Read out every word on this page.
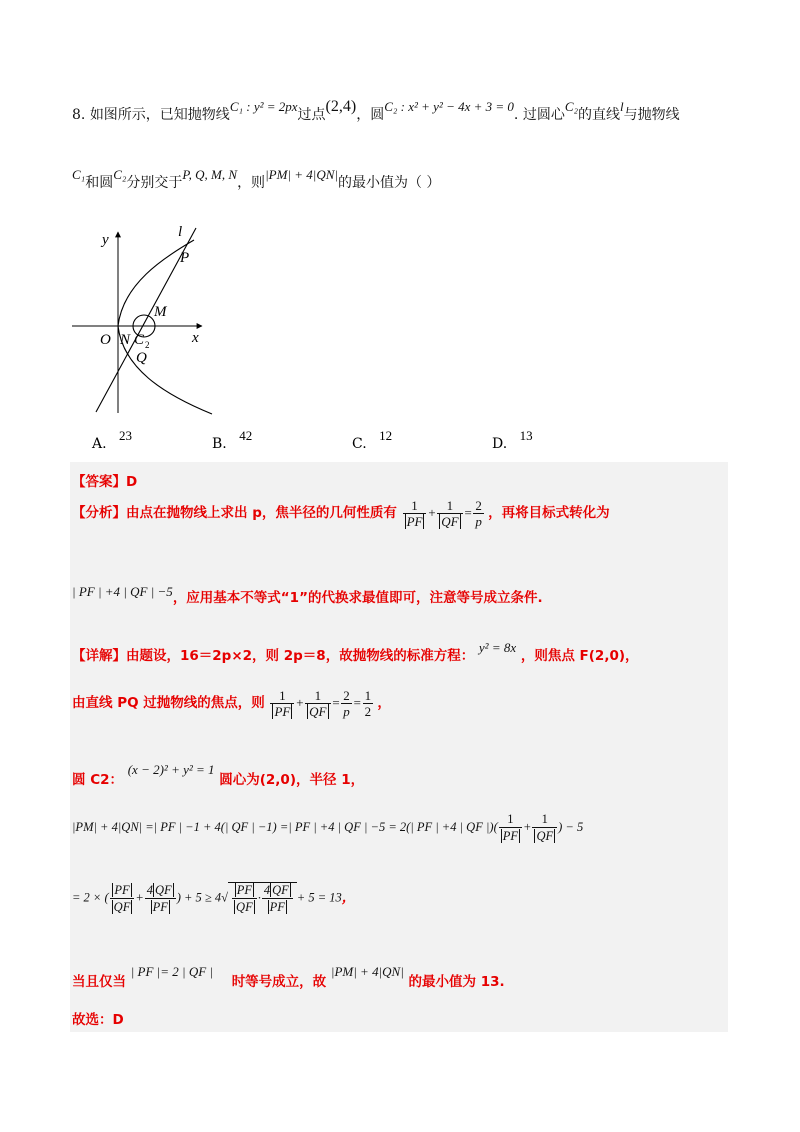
8. 如图所示，已知抛物线C₁ : y² = 2px过点(2,4)，圆C₂ : x² + y² − 4x + 3 = 0. 过圆心C₂的直线l与抛物线
C₁和圆C₂分别交于P, Q, M, N，则|PM| + 4|QN|的最小值为（ ）
y
x
l
P
M
O N C 2
Q
A. 23
B. 42
C. 12
D. 13
【答案】D
【分析】由点在抛物线上求出 p，焦半径的几何性质有 $\frac{1}{PF} + \frac{1}{QF} = \frac{2}{p}$ ，再将目标式转化为
| PF | +4 | QF | −5，应用基本不等式“1”的代换求最值即可，注意等号成立条件.
【详解】由题设，16＝2p×2，则 2p＝8，故抛物线的标准方程： y² = 8x ，则焦点 F(2,0)，
由直线 PQ 过抛物线的焦点，则 $\frac{1}{PF} + \frac{1}{QF} = \frac{2}{p} = \frac{1}{2}$ ，
圆 C2： (x − 2)² + y² = 1 圆心为(2,0)，半径 1，
|PM| + 4|QN| =| PF | −1 + 4(| QF | −1) =| PF | +4 | QF | −5 = 2(| PF | +4 | QF |)( $\frac{1}{PF} + \frac{1}{QF}$ ) − 5
= 2 × ( $\frac{PF}{QF} + \frac{4 QF}{PF}$ ) + $5 \ge 4√ \frac{PF}{QF} \cdot \frac{4 QF}{PF} + 5 = 13$，
当且仅当 | PF |= 2 | QF | 时等号成立，故 |PM| + 4|QN| 的最小值为 13.
故选：D
